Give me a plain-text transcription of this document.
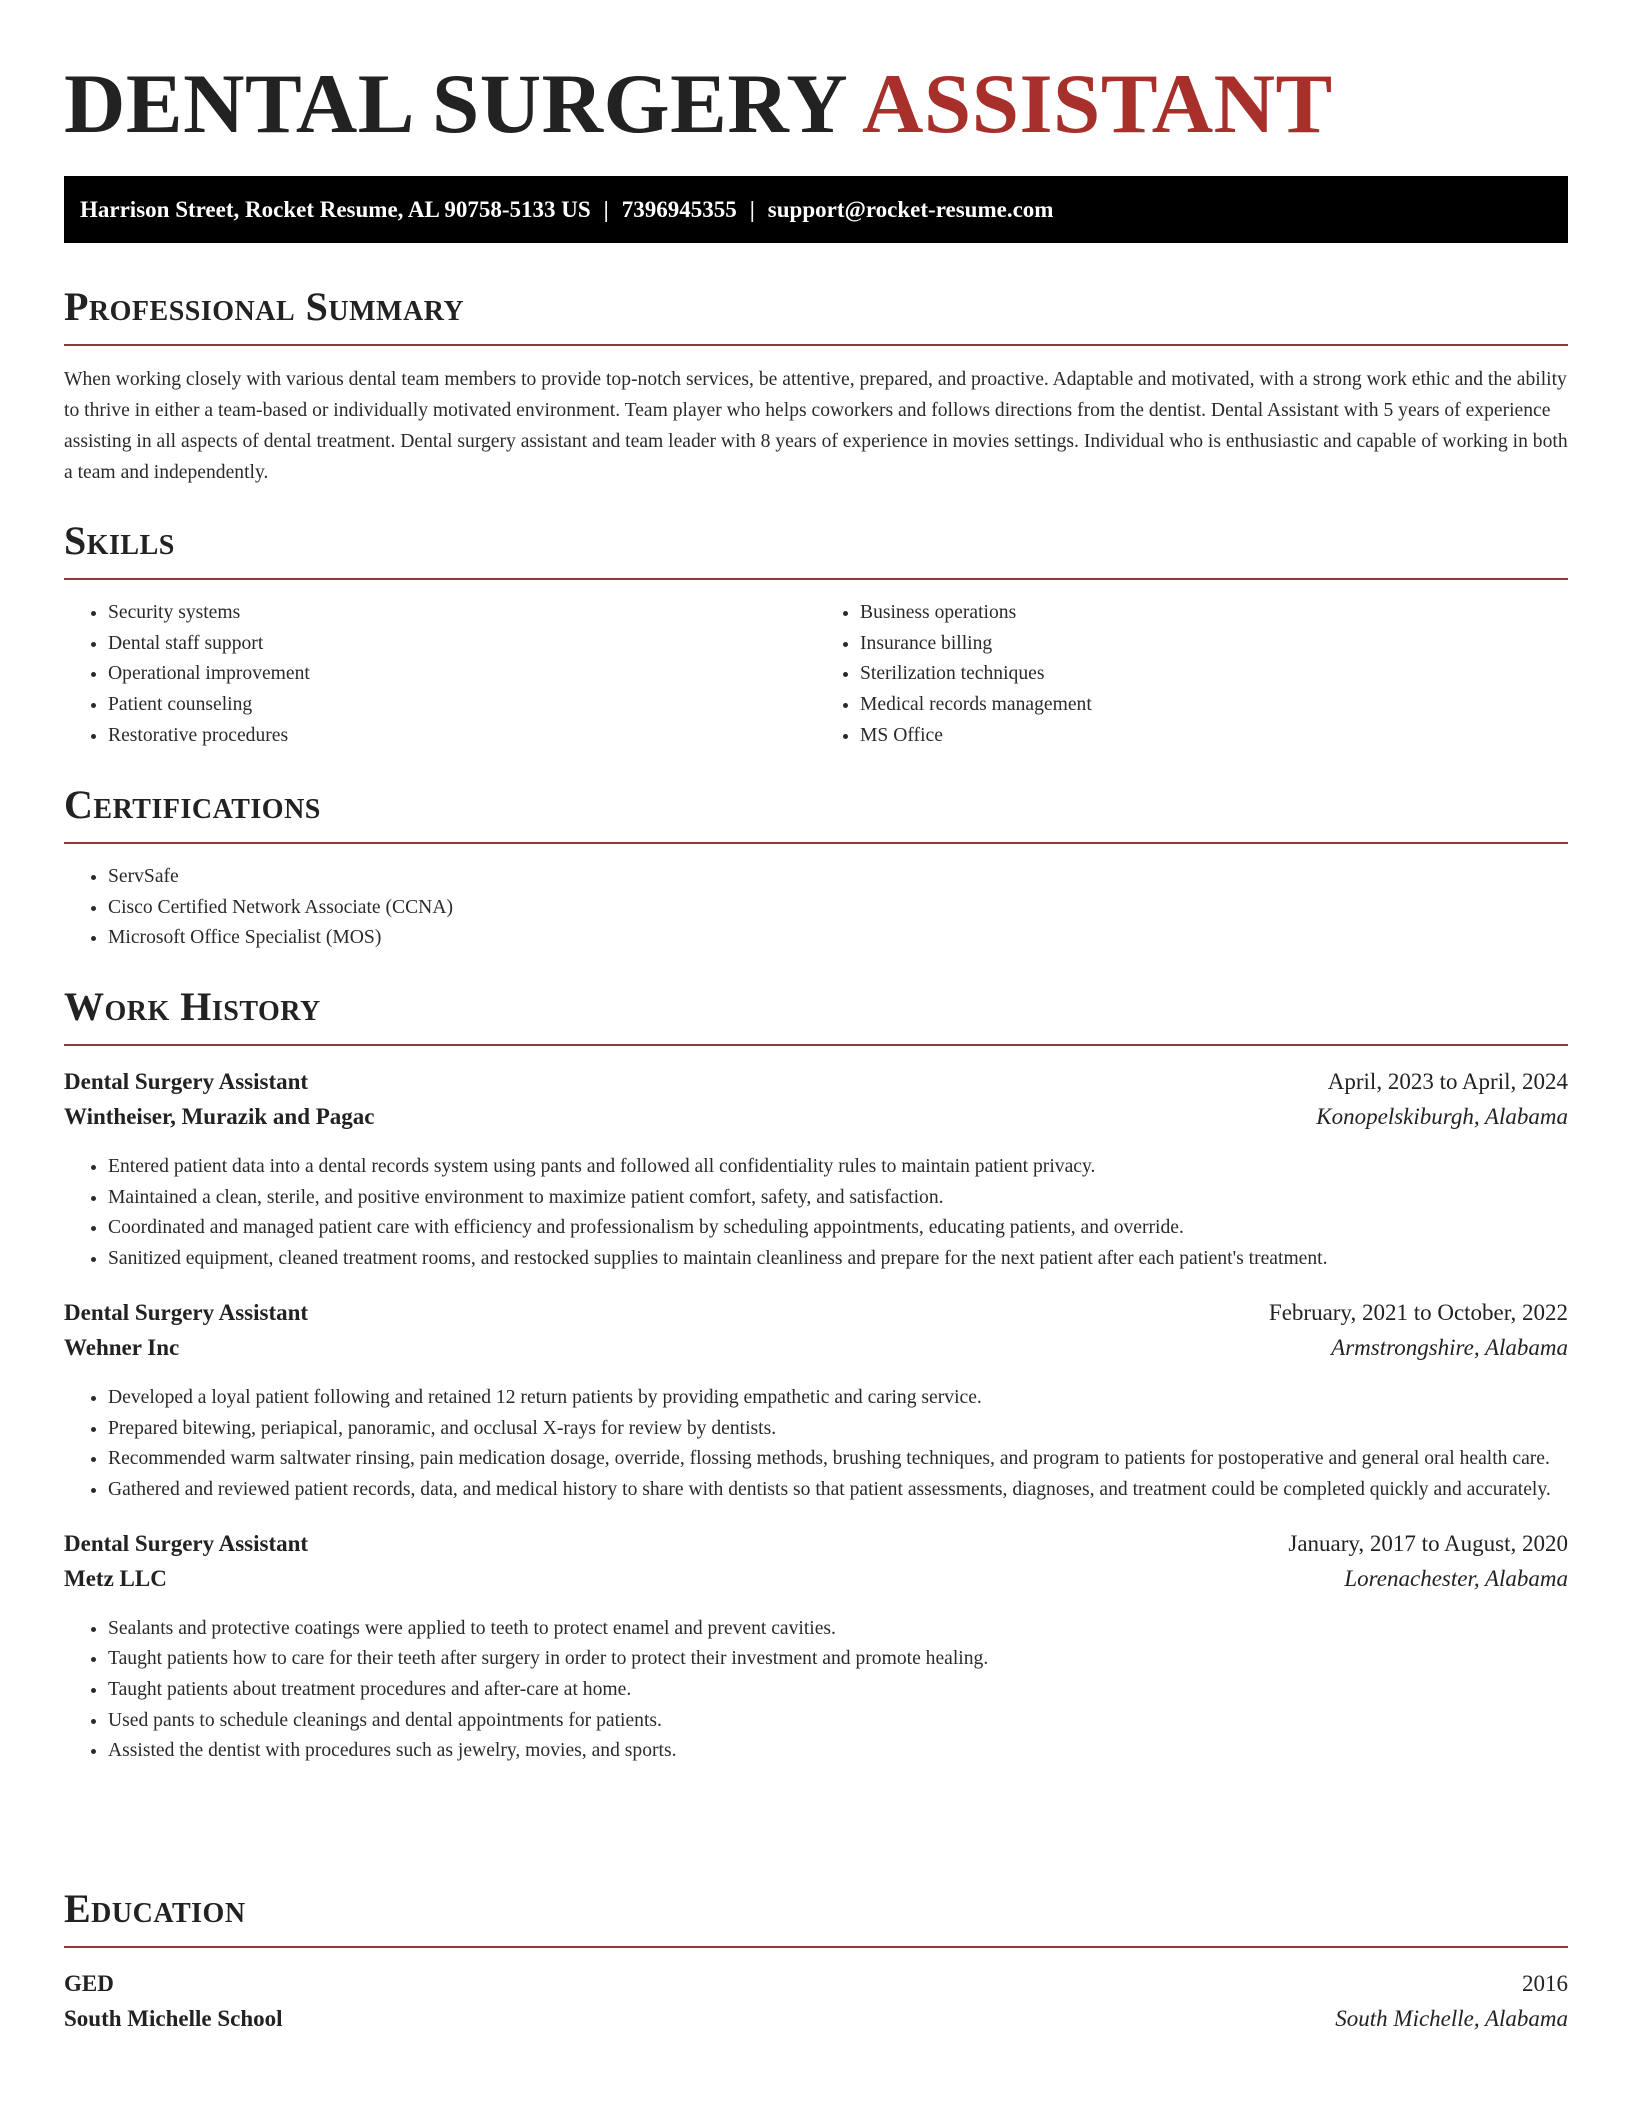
DENTAL SURGERY ASSISTANT
Harrison Street, Rocket Resume, AL 90758-5133 US | 7396945355 | support@rocket-resume.com
Professional Summary

When working closely with various dental team members to provide top-notch services, be attentive, prepared, and proactive. Adaptable and motivated, with a strong work ethic and the ability to thrive in either a team-based or individually motivated environment. Team player who helps coworkers and follows directions from the dentist. Dental Assistant with 5 years of experience assisting in all aspects of dental treatment. Dental surgery assistant and team leader with 8 years of experience in movies settings. Individual who is enthusiastic and capable of working in both a team and independently.

Skills
• Security systems
• Dental staff support
• Operational improvement
• Patient counseling
• Restorative procedures
• Business operations
• Insurance billing
• Sterilization techniques
• Medical records management
• MS Office
Certifications
• ServSafe
• Cisco Certified Network Associate (CCNA)
• Microsoft Office Specialist (MOS)
Work History
Dental Surgery Assistant	April, 2023 to April, 2024
Wintheiser, Murazik and Pagac	Konopelskiburgh, Alabama
• Entered patient data into a dental records system using pants and followed all confidentiality rules to maintain patient privacy.
• Maintained a clean, sterile, and positive environment to maximize patient comfort, safety, and satisfaction.
• Coordinated and managed patient care with efficiency and professionalism by scheduling appointments, educating patients, and override.
• Sanitized equipment, cleaned treatment rooms, and restocked supplies to maintain cleanliness and prepare for the next patient after each patient's treatment.
Dental Surgery Assistant	February, 2021 to October, 2022
Wehner Inc	Armstrongshire, Alabama
• Developed a loyal patient following and retained 12 return patients by providing empathetic and caring service.
• Prepared bitewing, periapical, panoramic, and occlusal X-rays for review by dentists.
• Recommended warm saltwater rinsing, pain medication dosage, override, flossing methods, brushing techniques, and program to patients for postoperative and general oral health care.
• Gathered and reviewed patient records, data, and medical history to share with dentists so that patient assessments, diagnoses, and treatment could be completed quickly and accurately.
Dental Surgery Assistant	January, 2017 to August, 2020
Metz LLC	Lorenachester, Alabama
• Sealants and protective coatings were applied to teeth to protect enamel and prevent cavities.
• Taught patients how to care for their teeth after surgery in order to protect their investment and promote healing.
• Taught patients about treatment procedures and after-care at home.
• Used pants to schedule cleanings and dental appointments for patients.
• Assisted the dentist with procedures such as jewelry, movies, and sports.
Education
GED	2016
South Michelle School	South Michelle, Alabama
